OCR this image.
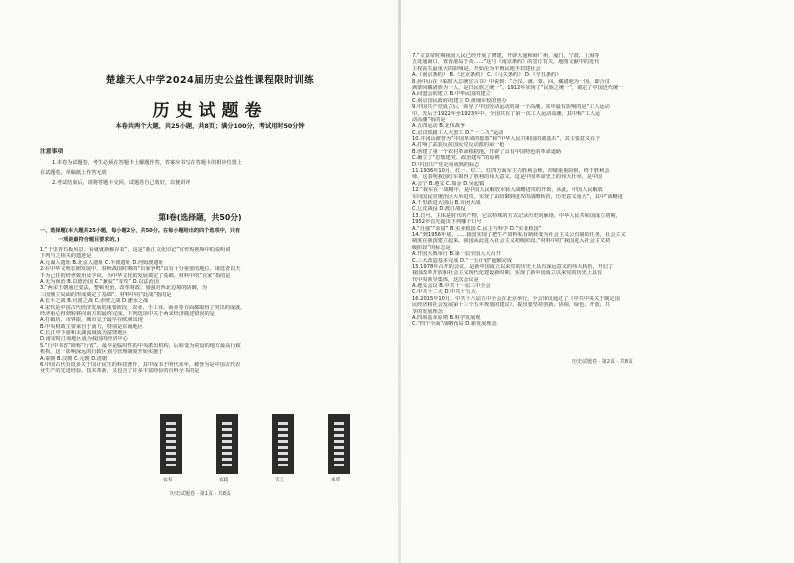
楚雄天人中学2024届历史公益性课程限时训练
历史试题卷
本卷共两个大题，共25小题，共8页；满分100分，考试用时50分钟
注意事项
1.本卷为试题卷，考生必须在答题卡上解题作答，答案应书写在答题卡的相应位置上
在试题卷、草稿纸上作答无效
2.考试结束后，请将答题卡交回，试题卷自己收好，以便讲评
第Ⅰ卷(选择题，共50分)
一、选择题(本大题共25小题，每小题2分，共50分。在每小题给出的四个选项中，只有
一项是最符合题目要求的。)
1.“千里青石板风景，看就就新解存农”，这是“浙江文化印记”宣传短视频中的说明词
下列与之相关的遗迹是
A.元谋人遗址 B.北京人遗址 C.半坡遗址 D.河姆渡遗址
2.在中华文明长期发展中，春秋战国时期的“百家争鸣”具有十分重要的地位，诸选者以天
下为己任的经世致用及学说，为中华文化的发展奠定了基础。材料中的“百家”指的是
A.无为而治 B.以德治国 C.“兼爱”“非攻” D.以法治国
3.“两宋王朝通过变法，整顿吏治，改革财政，加强对西北边境的防御，为
三国鼎立局面的形成奠定了基础”。材料中的“此战”指的是
A.长平之战 B.官渡之战 C.赤壁之战 D.淝水之战
4.宋代是中国古代经济发展的重要阶段，农业、手工业、商业等方面都取得了突出的成就，
经济重心得到转移向南方的最终完成。下列选项中关于两宋经济描述错误的是
A.打破坊、市界限，城市交子最早在欧洲出现
B.中央财政主要来自于南方，特别是东南地区
C.长江中下游和太湖流域成为富饶地区
D.南宋时江南地区成为我国的经济中心
5.“行中书省”简称“行省”，最早是临时性的中央派出机构，后转变为常设的地方最高行政
机构，这一影响深远的行政区划与管理制度开始实施于
A.秦朝 B.汉朝 C.元朝 D.清朝
6.中国古代有很多关于国计民生的科技著作，其中成书于明代末年，被誉为是中国古代农
业生产的先进经验、技术革新，又包含了许多丰富经验的百科全书的是
农书	农政	天工	本草
历史试题卷 · 第1页 · 共8页
7.“文景帝时期我国人民已经开展了修建，开辟大通和商广州，厦门，宁波，上海等
五处通商口，置香港岛于英......”这与《南京条约》的签订有关，地图文献中的近代
主权丧失最重大的影响是，开始沦为半殖民地半封建社会
A.《南京条约》 B.《北京条约》 C.《马关条约》 D.《辛丑条约》
8.孙中山在《临时大总统宣言书》中说到：“合汉、满、蒙、回、藏诸地为一国，即合汉
满蒙回藏诸族为一人，是曰民族之统一”。1912年实现了“民族之统一”，奠定了中国近代统一
A.同盟会的建立 B.中华民国的建立
C.南京国民政府的建立 D.黄埔军校的创办
9.中国共产党成立后，领导了中国劳动运动的第一个高潮，其中最有影响的是“工人运动
中，先后于1922年至1923年中，全国共有了第一次工人运动高潮，其中称“工人运
动高潮”指的是
A.五四运动 B.北伐战争
C.京汉铁路工人大罢工 D.“一二·九”运动
10.井冈山被誉为“中国革命的摇篮”和“中华人民共和国的奠基石”，其主要意义在于
A.打响了武装反抗国民党反动派的第一枪
B.创建了第一个农村革命根据地，开辟了具有中国特色的革命道路
C.确立了“思想建党、政治建军”的原则
D.中国共产党走向成熟的标志
11.1936年10月，红一、红二、红四方面军主力胜利会师，冲破重重险阻，终于胜利会
师，这表明我国红军取得了胜利的伟大意义，这是中国革命史上的伟大壮举，是中国
A.会宁 B.遵义 C.瑞金 D.吴起镇
12.“我军在一战略中，是中国人民解放军转入战略进攻的开始，从此，中国人民解放
军向国民党统治区大举进攻，实现了由防御到进攻的战略转折，历史意义重大”，其中“战略进
A.千里跃进大别山 B.百团大战
C.辽沈战役 D.渡江战役
13.日号、主体是时代的产物，它以特殊的方式记录历史的脉络，中华人民共和国成立初期，
1952年首先提出下列哪个口号
A.“自强”“求富” B.实业救国 C.民主与科学 D.“实业救国”
14.“到1956年底，......我国实现了把生产资料私有制转变为社会主义公有制的任务，社会主义
制度在我国建立起来。我国从此进入社会主义初级阶段。”材料中的“我国进入社会主义初
级阶段”的标志是
A.开国大典举行 B.第一届全国人大召开
C.三大改造基本完成 D.“一五计划”超额完成
15.1978年召开的会议，是新中国成立以来党的历史上具有深远意义的伟大转折，开启了
我国改革开放和社会主义现代化建设新时期，实现了新中国成立以来党的历史上具有
代中央领导集体，这次会议是
A.遵义会议 B.中共十一届三中全会
C.中共十二大 D.中共十五大
16.2015年10月，中共十八届五中全会在北京举行。全会审议通过了《中共中央关于制定国
民经济和社会发展第十三个五年规划的建议》，提出要坚持创新、协调、绿色、开放、共
享的发展理念
A.四项基本原则 B.科学发展观
C.“四个全面”战略布局 D.新发展理念
历史试题卷 · 第2页 · 共8页
